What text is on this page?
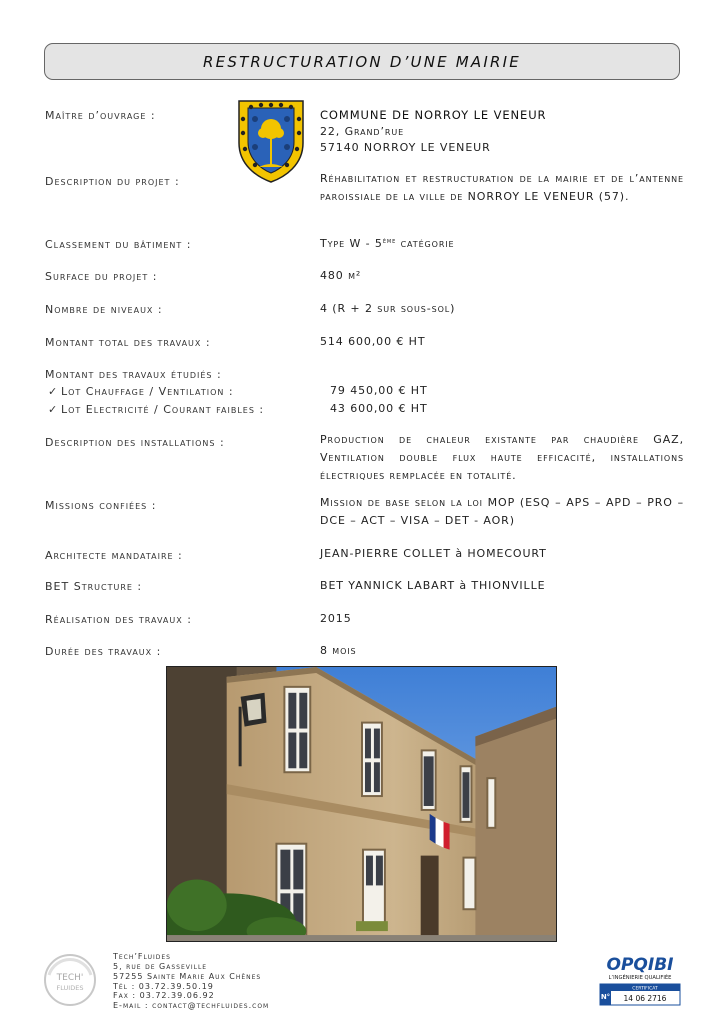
RESTRUCTURATION D’UNE MAIRIE
Maître d’ouvrage :	COMMUNE DE NORROY LE VENEUR
22, Grand’rue
57140 NORROY LE VENEUR
Description du projet :	Réhabilitation et restructuration de la mairie et de l’antenne paroissiale de la ville de NORROY LE VENEUR (57).
Classement du bâtiment :	Type W - 5ème catégorie
Surface du projet :	480 m²
Nombre de niveaux :	4 (R + 2 sur sous-sol)
Montant total des travaux :	514 600,00 € HT
Montant des travaux étudiés :
✓ Lot Chauffage / Ventilation :	79 450,00 € HT
✓ Lot Electricité / Courant faibles :	43 600,00 € HT
Description des installations :	Production de chaleur existante par chaudière GAZ, Ventilation double flux haute efficacité, installations électriques remplacée en totalité.
Missions confiées :	Mission de base selon la loi MOP (ESQ – APS – APD – PRO – DCE – ACT – VISA – DET - AOR)
Architecte mandataire :	JEAN-PIERRE COLLET à HOMECOURT
BET Structure :	BET YANNICK LABART à THIONVILLE
Réalisation des travaux :	2015
Durée des travaux :	8 mois
TECH'
FLUIDES
Tech’Fluides
5, rue de Gasseville
57255 Sainte Marie Aux Chênes
Tél : 03.72.39.50.19
Fax : 03.72.39.06.92
E-mail : contact@techfluides.com
OPQIBI
L’INGÉNIERIE QUALIFIÉE
N°
CERTIFICAT
14 06 2716
